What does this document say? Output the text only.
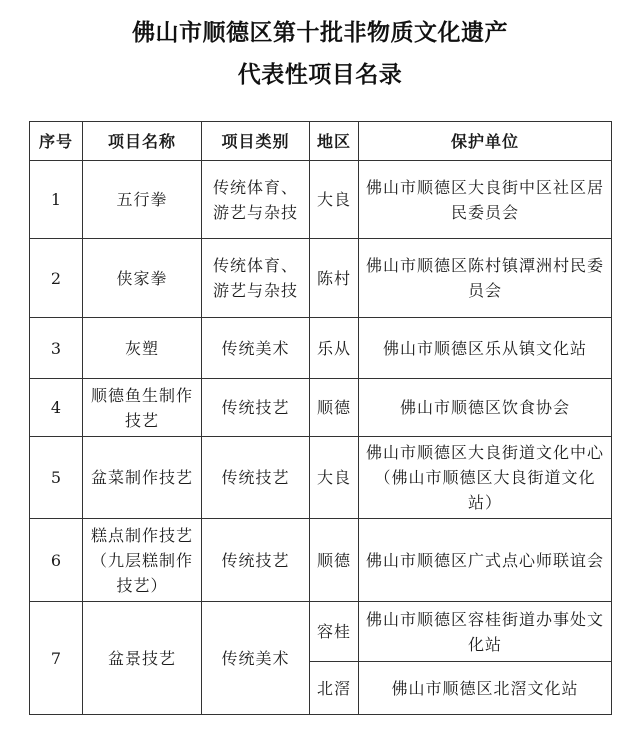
佛山市顺德区第十批非物质文化遗产
代表性项目名录
序号	项目名称	项目类别	地区	保护单位
1	五行拳	传统体育、游艺与杂技	大良	佛山市顺德区大良街中区社区居民委员会
2	侠家拳	传统体育、游艺与杂技	陈村	佛山市顺德区陈村镇潭洲村民委员会
3	灰塑	传统美术	乐从	佛山市顺德区乐从镇文化站
4	顺德鱼生制作技艺	传统技艺	顺德	佛山市顺德区饮食协会
5	盆菜制作技艺	传统技艺	大良	佛山市顺德区大良街道文化中心（佛山市顺德区大良街道文化站）
6	糕点制作技艺（九层糕制作技艺）	传统技艺	顺德	佛山市顺德区广式点心师联谊会
7	盆景技艺	传统美术	容桂	佛山市顺德区容桂街道办事处文化站
			北滘	佛山市顺德区北滘文化站
